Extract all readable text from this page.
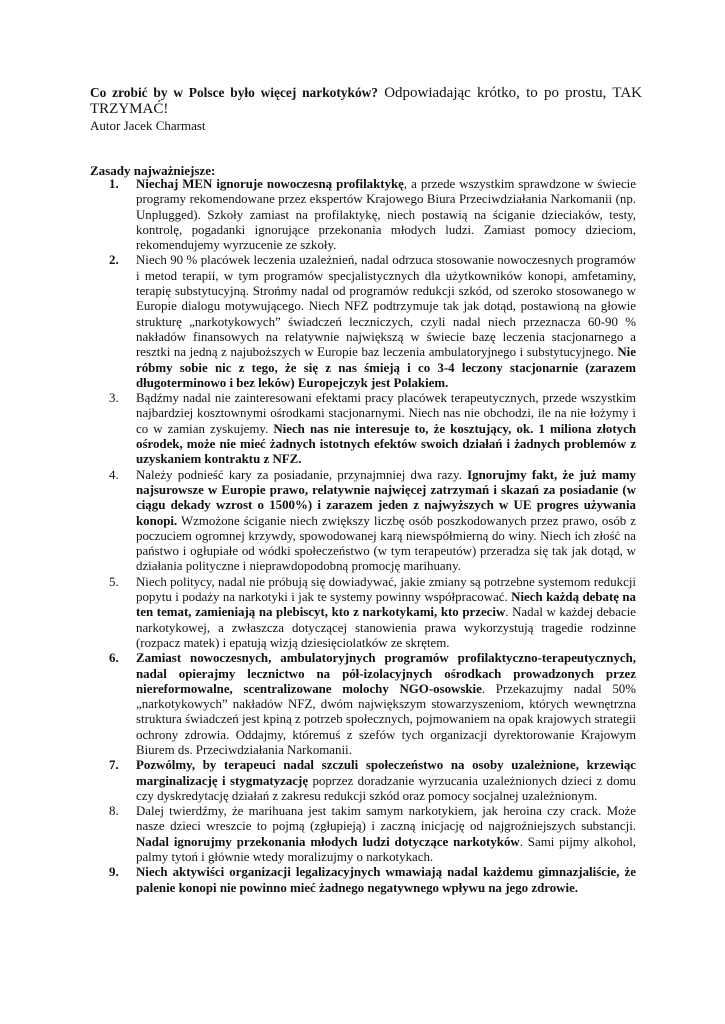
Co zrobić by w Polsce było więcej narkotyków? Odpowiadając krótko, to po prostu, TAK TRZYMAĆ!
Autor Jacek Charmast
Zasady najważniejsze:
1.	Niechaj MEN ignoruje nowoczesną profilaktykę, a przede wszystkim sprawdzone w świecie programy rekomendowane przez ekspertów Krajowego Biura Przeciwdziałania Narkomanii (np. Unplugged). Szkoły zamiast na profilaktykę, niech postawią na ściganie dzieciaków, testy, kontrolę, pogadanki ignorujące przekonania młodych ludzi. Zamiast pomocy dzieciom, rekomendujemy wyrzucenie ze szkoły.
2.	Niech 90 % placówek leczenia uzależnień, nadal odrzuca stosowanie nowoczesnych programów i metod terapii, w tym programów specjalistycznych dla użytkowników konopi, amfetaminy, terapię substytucyjną. Strońmy nadal od programów redukcji szkód, od szeroko stosowanego w Europie dialogu motywującego. Niech NFZ podtrzymuje tak jak dotąd, postawioną na głowie strukturę „narkotykowych” świadczeń leczniczych, czyli nadal niech przeznacza 60-90 % nakładów finansowych na relatywnie największą w świecie bazę leczenia stacjonarnego a resztki na jedną z najuboższych w Europie baz leczenia ambulatoryjnego i substytucyjnego. Nie róbmy sobie nic z tego, że się z nas śmieją i co 3-4 leczony stacjonarnie (zarazem długoterminowo i bez leków) Europejczyk jest Polakiem.
3.	Bądźmy nadal nie zainteresowani efektami pracy placówek terapeutycznych, przede wszystkim najbardziej kosztownymi ośrodkami stacjonarnymi. Niech nas nie obchodzi, ile na nie łożymy i co w zamian zyskujemy. Niech nas nie interesuje to, że kosztujący, ok. 1 miliona złotych ośrodek, może nie mieć żadnych istotnych efektów swoich działań i żadnych problemów z uzyskaniem kontraktu z NFZ.
4.	Należy podnieść kary za posiadanie, przynajmniej dwa razy. Ignorujmy fakt, że już mamy najsurowsze w Europie prawo, relatywnie najwięcej zatrzymań i skazań za posiadanie (w ciągu dekady wzrost o 1500%) i zarazem jeden z najwyższych w UE progres używania konopi. Wzmożone ściganie niech zwiększy liczbę osób poszkodowanych przez prawo, osób z poczuciem ogromnej krzywdy, spowodowanej karą niewspółmierną do winy. Niech ich złość na państwo i ogłupiałe od wódki społeczeństwo (w tym terapeutów) przeradza się tak jak dotąd, w działania polityczne i nieprawdopodobną promocję marihuany.
5.	Niech politycy, nadal nie próbują się dowiadywać, jakie zmiany są potrzebne systemom redukcji popytu i podaży na narkotyki i jak te systemy powinny współpracować. Niech każdą debatę na ten temat, zamieniają na plebiscyt, kto z narkotykami, kto przeciw. Nadal w każdej debacie narkotykowej, a zwłaszcza dotyczącej stanowienia prawa wykorzystują tragedie rodzinne (rozpacz matek) i epatują wizją dziesięciolatków ze skrętem.
6.	Zamiast nowoczesnych, ambulatoryjnych programów profilaktyczno-terapeutycznych, nadal opierajmy lecznictwo na pół-izolacyjnych ośrodkach prowadzonych przez niereformowalne, scentralizowane molochy NGO-osowskie. Przekazujmy nadal 50% „narkotykowych” nakładów NFZ, dwóm największym stowarzyszeniom, których wewnętrzna struktura świadczeń jest kpiną z potrzeb społecznych, pojmowaniem na opak krajowych strategii ochrony zdrowia. Oddajmy, któremuś z szefów tych organizacji dyrektorowanie Krajowym Biurem ds. Przeciwdziałania Narkomanii.
7.	Pozwólmy, by terapeuci nadal szczuli społeczeństwo na osoby uzależnione, krzewiąc marginalizację i stygmatyzację poprzez doradzanie wyrzucania uzależnionych dzieci z domu czy dyskredytację działań z zakresu redukcji szkód oraz pomocy socjalnej uzależnionym.
8.	Dalej twierdźmy, że marihuana jest takim samym narkotykiem, jak heroina czy crack. Może nasze dzieci wreszcie to pojmą (zgłupieją) i zaczną inicjację od najgroźniejszych substancji. Nadal ignorujmy przekonania młodych ludzi dotyczące narkotyków. Sami pijmy alkohol, palmy tytoń i głównie wtedy moralizujmy o narkotykach.
9.	Niech aktywiści organizacji legalizacyjnych wmawiają nadal każdemu gimnazjaliście, że palenie konopi nie powinno mieć żadnego negatywnego wpływu na jego zdrowie.
